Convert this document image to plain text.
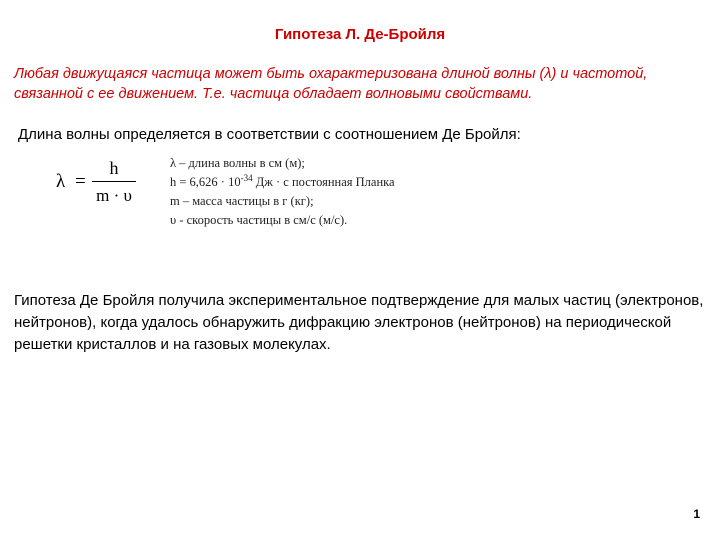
Гипотеза Л. Де-Бройля
Любая движущаяся частица может быть охарактеризована длиной волны (λ) и частотой, связанной с ее движением. Т.е. частица обладает волновыми свойствами.
Длина волны определяется в соответствии с соотношением Де Бройля:
λ =
h
m · υ
λ – длина волны в см (м);
$h = 6,626 \cdot 10^{-34}$ Дж · с постоянная Планка
m – масса частицы в г (кг);
υ - скорость частицы в см/с (м/с).
Гипотеза Де Бройля получила экспериментальное подтверждение для малых частиц (электронов, нейтронов), когда удалось обнаружить дифракцию электронов (нейтронов) на периодической решетки кристаллов и на газовых молекулах.
1
